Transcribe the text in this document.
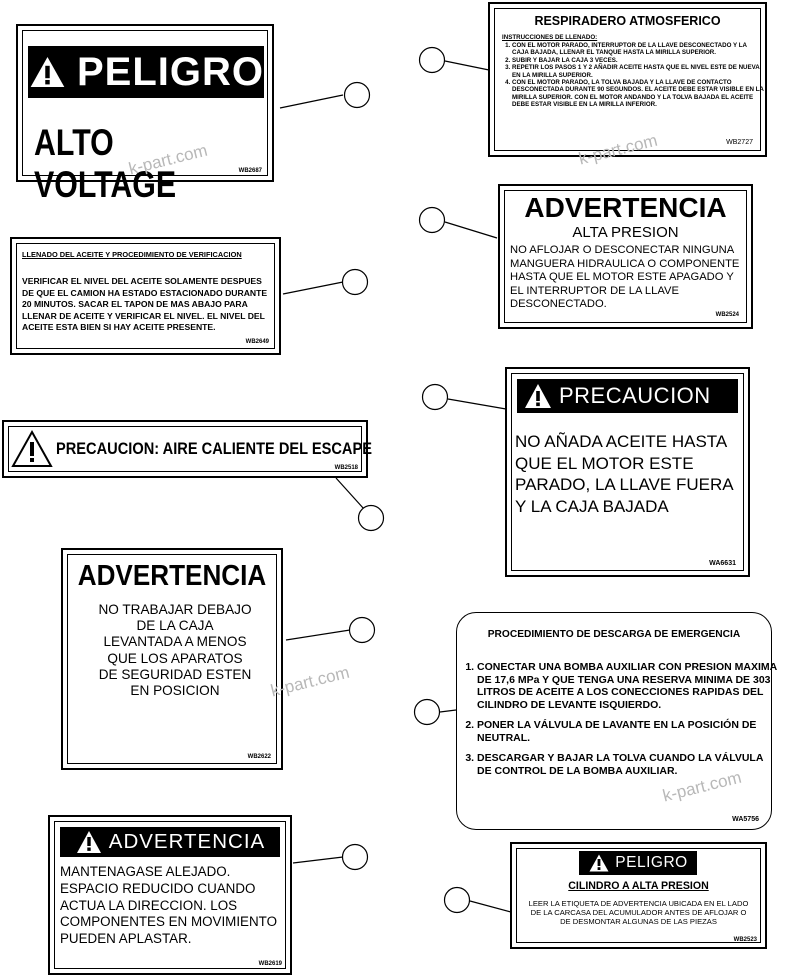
PELIGRO
ALTO VOLTAGE	WB2687
RESPIRADERO ATMOSFERICO
INSTRUCCIONES DE LLENADO:
1. CON EL MOTOR PARADO, INTERRUPTOR DE LA LLAVE DESCONECTADO Y LA CAJA BAJADA, LLENAR EL TANQUE HASTA LA MIRILLA SUPERIOR.
2. SUBIR Y BAJAR LA CAJA 3 VECES.
3. REPETIR LOS PASOS 1 Y 2 AÑADIR ACEITE HASTA QUE EL NIVEL ESTE DE NUEVA EN LA MIRILLA SUPERIOR.
4. CON EL MOTOR PARADO, LA TOLVA BAJADA Y LA LLAVE DE CONTACTO DESCONECTADA DURANTE 90 SEGUNDOS. EL ACEITE DEBE ESTAR VISIBLE EN LA MIRILLA SUPERIOR. CON EL MOTOR ANDANDO Y LA TOLVA BAJADA EL ACEITE DEBE ESTAR VISIBLE EN LA MIRILLA INFERIOR.
WB2727
LLENADO DEL ACEITE Y PROCEDIMIENTO DE VERIFICACION
VERIFICAR EL NIVEL DEL ACEITE SOLAMENTE DESPUES DE QUE EL CAMION HA ESTADO ESTACIONADO DURANTE 20 MINUTOS. SACAR EL TAPON DE MAS ABAJO PARA LLENAR DE ACEITE Y VERIFICAR EL NIVEL. EL NIVEL DEL ACEITE ESTA BIEN SI HAY ACEITE PRESENTE.
WB2649
ADVERTENCIA
ALTA PRESION
NO AFLOJAR O DESCONECTAR NINGUNA MANGUERA HIDRAULICA O COMPONENTE HASTA QUE EL MOTOR ESTE APAGADO Y EL INTERRUPTOR DE LA LLAVE DESCONECTADO.
WB2524
PRECAUCION: AIRE CALIENTE DEL ESCAPE
WB2518
PRECAUCION
NO AÑADA ACEITE HASTA QUE EL MOTOR ESTE PARADO, LA LLAVE FUERA Y LA CAJA BAJADA
WA6631
ADVERTENCIA
NO TRABAJAR DEBAJO DE LA CAJA LEVANTADA A MENOS QUE LOS APARATOS DE SEGURIDAD ESTEN EN POSICION
WB2622
PROCEDIMIENTO DE DESCARGA DE EMERGENCIA
1. CONECTAR UNA BOMBA AUXILIAR CON PRESION MAXIMA DE 17,6 MPa Y QUE TENGA UNA RESERVA MINIMA DE 303 LITROS DE ACEITE A LOS CONECCIONES RAPIDAS DEL CILINDRO DE LEVANTE ISQUIERDO.
2. PONER LA VÁLVULA DE LAVANTE EN LA POSICIÓN DE NEUTRAL.
3. DESCARGAR Y BAJAR LA TOLVA CUANDO LA VÁLVULA DE CONTROL DE LA BOMBA AUXILIAR.
WA5756
ADVERTENCIA
MANTENAGASE ALEJADO. ESPACIO REDUCIDO CUANDO ACTUA LA DIRECCION. LOS COMPONENTES EN MOVIMIENTO PUEDEN APLASTAR.
WB2619
PELIGRO
CILINDRO A ALTA PRESION
LEER LA ETIQUETA DE ADVERTENCIA UBICADA EN EL LADO DE LA CARCASA DEL ACUMULADOR ANTES DE AFLOJAR O DE DESMONTAR ALGUNAS DE LAS PIEZAS
WB2523
k-part.com	k-part.com
k-part.com
k-part.com
